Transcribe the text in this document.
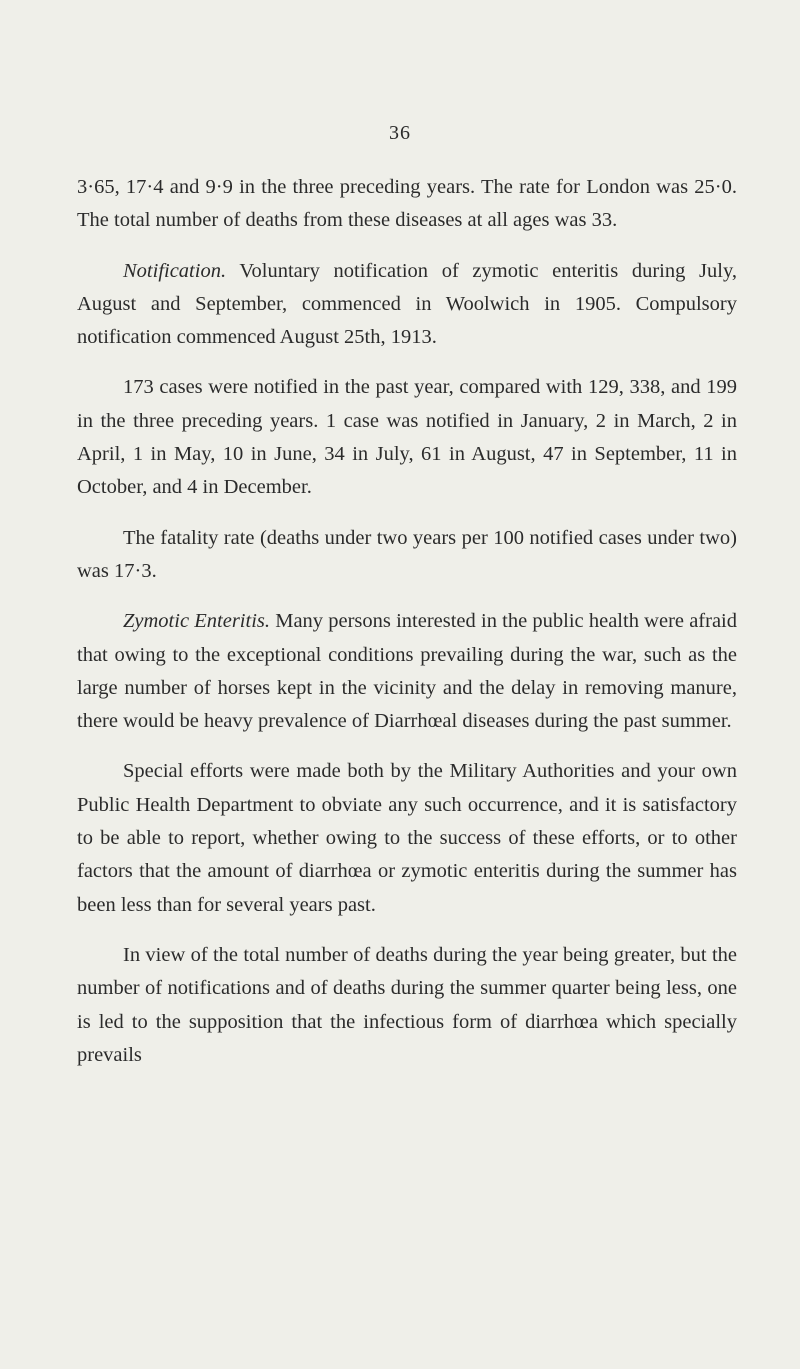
36

3·65, 17·4 and 9·9 in the three preceding years. The rate for London was 25·0. The total number of deaths from these diseases at all ages was 33.

Notification. Voluntary notification of zymotic enteritis during July, August and September, commenced in Woolwich in 1905. Compulsory notification commenced August 25th, 1913.

173 cases were notified in the past year, compared with 129, 338, and 199 in the three preceding years. 1 case was notified in January, 2 in March, 2 in April, 1 in May, 10 in June, 34 in July, 61 in August, 47 in September, 11 in October, and 4 in December.

The fatality rate (deaths under two years per 100 notified cases under two) was 17·3.

Zymotic Enteritis. Many persons interested in the public health were afraid that owing to the exceptional conditions prevailing during the war, such as the large number of horses kept in the vicinity and the delay in removing manure, there would be heavy prevalence of Diarrhœal diseases during the past summer.

Special efforts were made both by the Military Authorities and your own Public Health Department to obviate any such occurrence, and it is satisfactory to be able to report, whether owing to the success of these efforts, or to other factors that the amount of diarrhœa or zymotic enteritis during the summer has been less than for several years past.

In view of the total number of deaths during the year being greater, but the number of notifications and of deaths during the summer quarter being less, one is led to the supposition that the infectious form of diarrhœa which specially prevails
